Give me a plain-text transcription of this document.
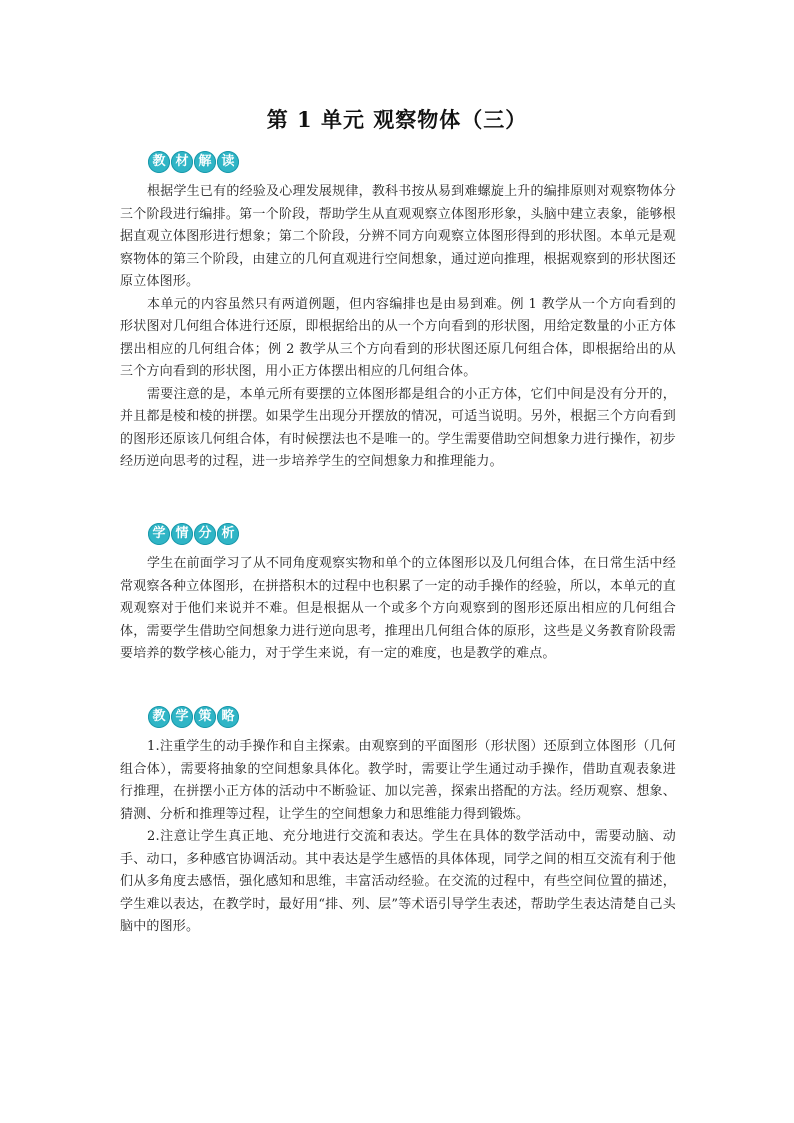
第 1 单元 观察物体（三）
教 材 解 读

根据学生已有的经验及心理发展规律，教科书按从易到难螺旋上升的编排原则对观察物体分三个阶段进行编排。第一个阶段，帮助学生从直观观察立体图形形象，头脑中建立表象，能够根据直观立体图形进行想象；第二个阶段，分辨不同方向观察立体图形得到的形状图。本单元是观察物体的第三个阶段，由建立的几何直观进行空间想象，通过逆向推理，根据观察到的形状图还原立体图形。

本单元的内容虽然只有两道例题，但内容编排也是由易到难。例 1 教学从一个方向看到的形状图对几何组合体进行还原，即根据给出的从一个方向看到的形状图，用给定数量的小正方体摆出相应的几何组合体；例 2 教学从三个方向看到的形状图还原几何组合体，即根据给出的从三个方向看到的形状图，用小正方体摆出相应的几何组合体。

需要注意的是，本单元所有要摆的立体图形都是组合的小正方体，它们中间是没有分开的，并且都是棱和棱的拼摆。如果学生出现分开摆放的情况，可适当说明。另外，根据三个方向看到的图形还原该几何组合体，有时候摆法也不是唯一的。学生需要借助空间想象力进行操作，初步经历逆向思考的过程，进一步培养学生的空间想象力和推理能力。

学 情 分 析

学生在前面学习了从不同角度观察实物和单个的立体图形以及几何组合体，在日常生活中经常观察各种立体图形，在拼搭积木的过程中也积累了一定的动手操作的经验，所以，本单元的直观观察对于他们来说并不难。但是根据从一个或多个方向观察到的图形还原出相应的几何组合体，需要学生借助空间想象力进行逆向思考，推理出几何组合体的原形，这些是义务教育阶段需要培养的数学核心能力，对于学生来说，有一定的难度，也是教学的难点。

教 学 策 略

1.注重学生的动手操作和自主探索。由观察到的平面图形（形状图）还原到立体图形（几何组合体），需要将抽象的空间想象具体化。教学时，需要让学生通过动手操作，借助直观表象进行推理，在拼摆小正方体的活动中不断验证、加以完善，探索出搭配的方法。经历观察、想象、猜测、分析和推理等过程，让学生的空间想象力和思维能力得到锻炼。

2.注意让学生真正地、充分地进行交流和表达。学生在具体的数学活动中，需要动脑、动手、动口，多种感官协调活动。其中表达是学生感悟的具体体现，同学之间的相互交流有利于他们从多角度去感悟，强化感知和思维，丰富活动经验。在交流的过程中，有些空间位置的描述，学生难以表达，在教学时，最好用“排、列、层”等术语引导学生表述，帮助学生表达清楚自己头脑中的图形。
